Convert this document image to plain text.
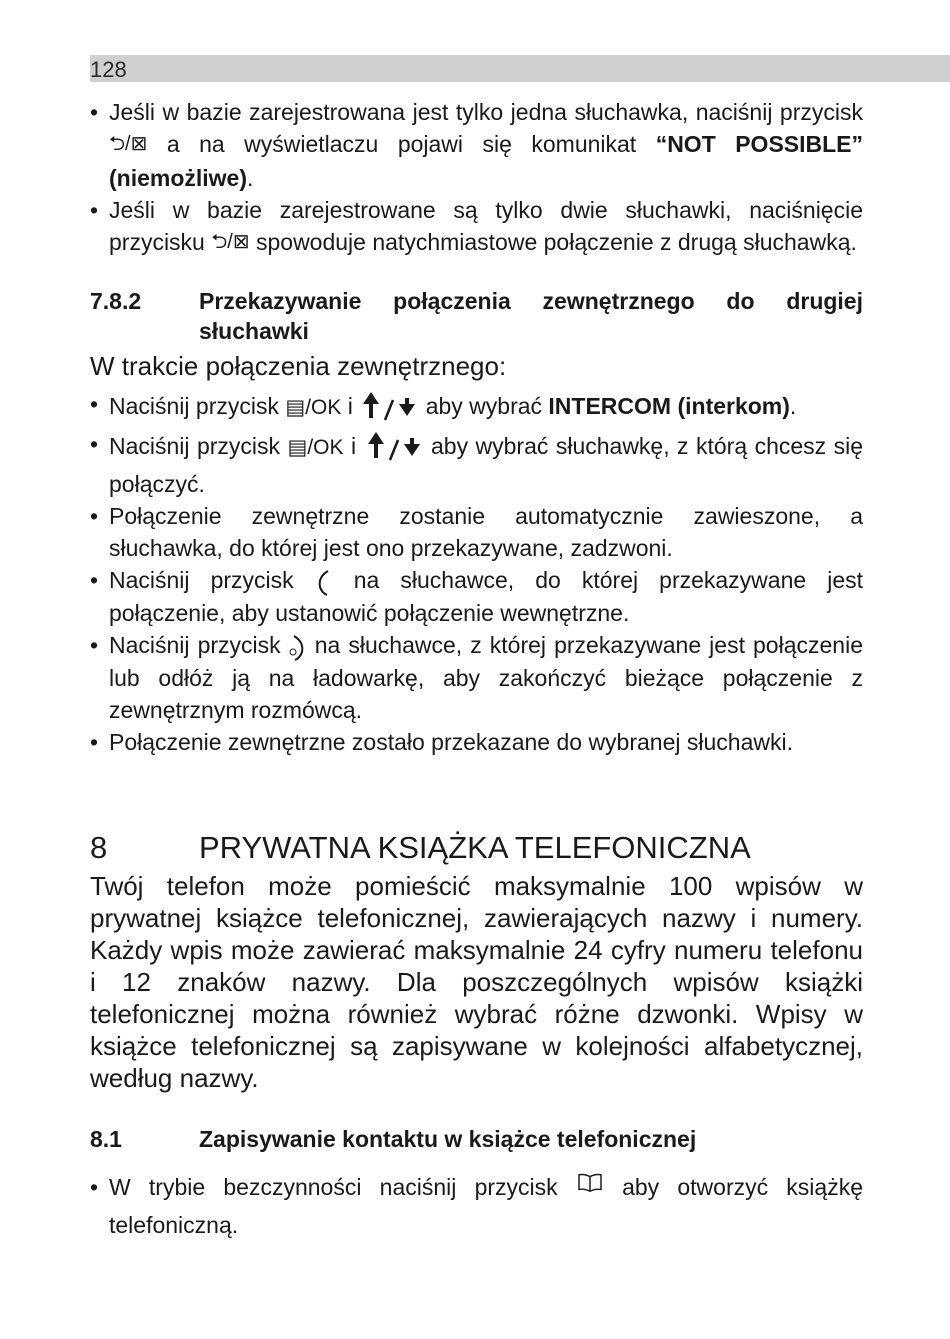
128
• Jeśli w bazie zarejestrowana jest tylko jedna słuchawka, naciśnij przycisk ⮌/⊠ a na wyświetlaczu pojawi się komunikat “NOT POSSIBLE” (niemożliwe).
• Jeśli w bazie zarejestrowane są tylko dwie słuchawki, naciśnięcie przycisku ⮌/⊠ spowoduje natychmiastowe połączenie z drugą słuchawką.
7.8.2	Przekazywanie połączenia zewnętrznego do drugiej słuchawki
W trakcie połączenia zewnętrznego:
• Naciśnij przycisk ▤/OK i	aby wybrać INTERCOM (interkom).
• Naciśnij przycisk ▤/OK i	aby wybrać słuchawkę, z którą chcesz się połączyć.
• Połączenie zewnętrzne zostanie automatycznie zawieszone, a słuchawka, do której jest ono przekazywane, zadzwoni.
• Naciśnij przycisk	na słuchawce, do której przekazywane jest połączenie, aby ustanowić połączenie wewnętrzne.
• Naciśnij przycisk na słuchawce, z której przekazywane jest połączenie lub odłóż ją na ładowarkę, aby zakończyć bieżące połączenie z zewnętrznym rozmówcą.
• Połączenie zewnętrzne zostało przekazane do wybranej słuchawki.
8	PRYWATNA KSIĄŻKA TELEFONICZNA
Twój telefon może pomieścić maksymalnie 100 wpisów w prywatnej książce telefonicznej, zawierających nazwy i numery. Każdy wpis może zawierać maksymalnie 24 cyfry numeru telefonu i 12 znaków nazwy. Dla poszczególnych wpisów książki telefonicznej można również wybrać różne dzwonki. Wpisy w książce telefonicznej są zapisywane w kolejności alfabetycznej, według nazwy.
8.1	Zapisywanie kontaktu w książce telefonicznej
• W trybie bezczynności naciśnij przycisk	aby otworzyć książkę telefoniczną.
